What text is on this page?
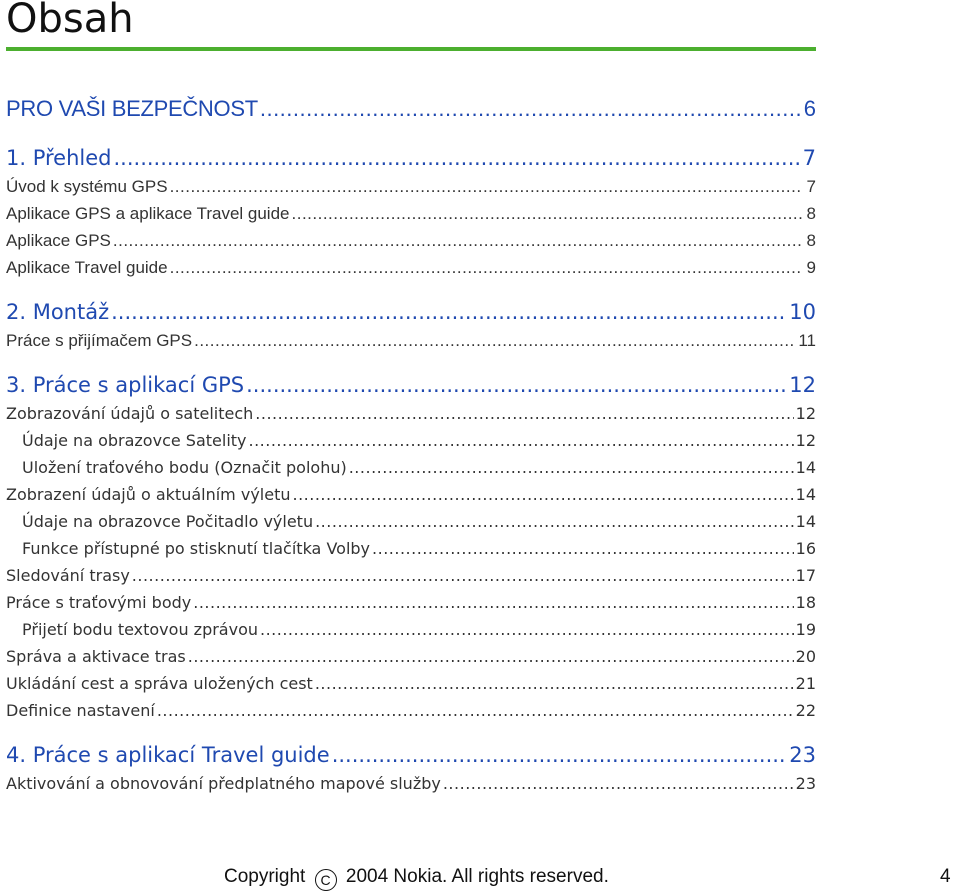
Obsah
PRO VAŠI BEZPEČNOST .....	6
1. Přehled .....	7
Úvod k systému GPS .....	7
Aplikace GPS a aplikace Travel guide .....	8
Aplikace GPS .....	8
Aplikace Travel guide .....	9
2. Montáž .....	10
Práce s přijímačem GPS .....	11
3. Práce s aplikací GPS .....	12
Zobrazování údajů o satelitech .....	12
Údaje na obrazovce Satelity .....	12
Uložení traťového bodu (Označit polohu) .....	14
Zobrazení údajů o aktuálním výletu .....	14
Údaje na obrazovce Počitadlo výletu .....	14
Funkce přístupné po stisknutí tlačítka Volby .....	16
Sledování trasy .....	17
Práce s traťovými body .....	18
Přijetí bodu textovou zprávou .....	19
Správa a aktivace tras .....	20
Ukládání cest a správa uložených cest .....	21
Definice nastavení .....	22
4. Práce s aplikací Travel guide .....	23
Aktivování a obnovování předplatného mapové služby .....	23
Copyright C 2004 Nokia. All rights reserved.	4
